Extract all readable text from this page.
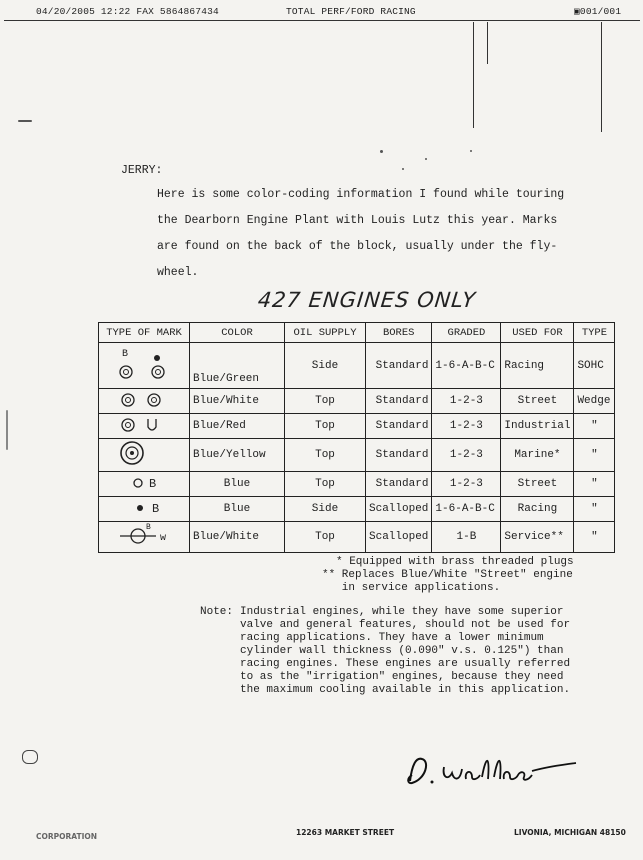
04/20/2005 12:22 FAX 5864867434	TOTAL PERF/FORD RACING	▣001/001
JERRY:
Here is some color-coding information I found while touring
the Dearborn Engine Plant with Louis Lutz this year. Marks
are found on the back of the block, usually under the fly-
wheel.
427 ENGINES ONLY
TYPE OF MARK	COLOR	OIL SUPPLY	BORES	GRADED	USED FOR	TYPE

B	Blue/Green	Side	Standard	1-6-A-B-C	Racing	SOHC
	Blue/White	Top	Standard	1-2-3	Street	Wedge
	Blue/Red	Top	Standard	1-2-3	Industrial	"
	Blue/Yellow	Top	Standard	1-2-3	Marine*	"

B	Blue	Top	Standard	1-2-3	Street	"

B	Blue	Side	Scalloped	1-6-A-B-C	Racing	"

B
w	Blue/White	Top	Scalloped	1-B	Service**	"
* Equipped with brass threaded plugs
** Replaces Blue/White "Street" engine
in service applications.
Note: Industrial engines, while they have some superior
valve and general features, should not be used for
racing applications. They have a lower minimum
cylinder wall thickness (0.090" v.s. 0.125") than
racing engines. These engines are usually referred
to as the "irrigation" engines, because they need
the maximum cooling available in this application.
CORPORATION	12263 MARKET STREET	LIVONIA, MICHIGAN 48150
